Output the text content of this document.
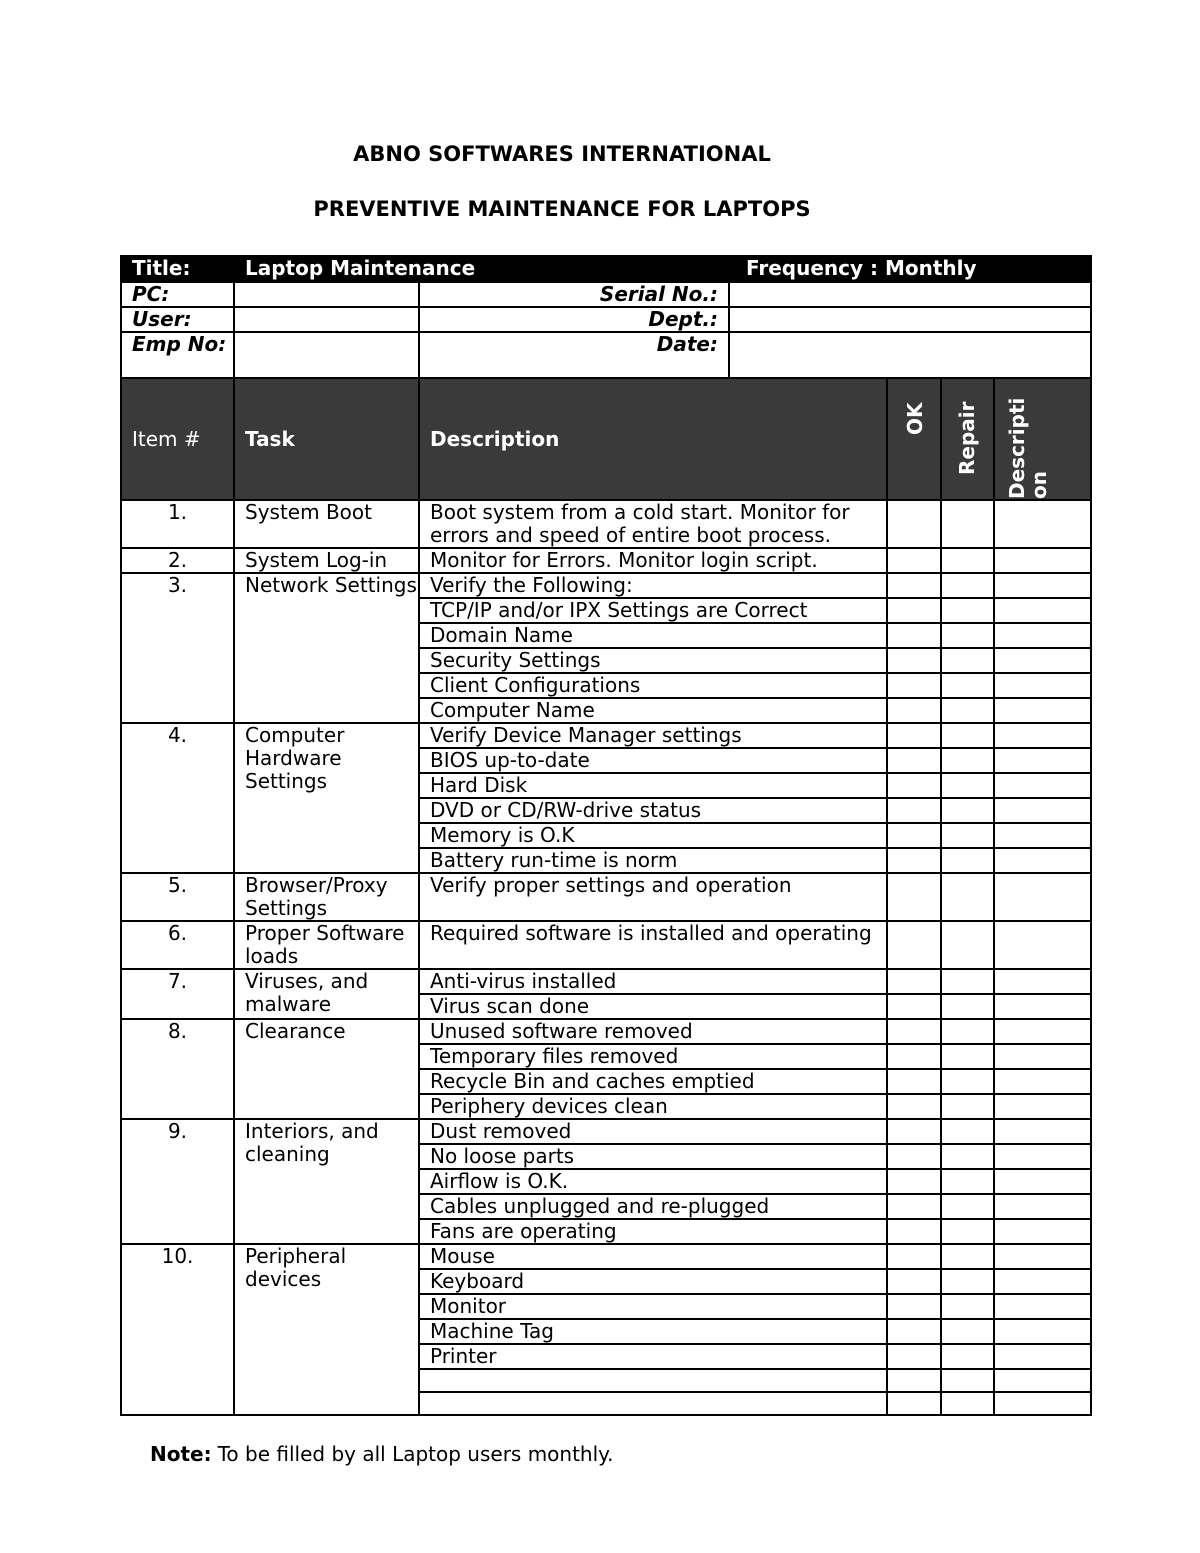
ABNO SOFTWARES INTERNATIONAL
PREVENTIVE MAINTENANCE FOR LAPTOPS
Title:	Laptop Maintenance			Frequency : Monthly		

PC:		Serial No.:				
User:		Dept.:				
Emp No:		Date:				
Item #	Task	Description		OK	Repair	Descripti on

1.	System Boot	Boot system from a cold start. Monitor for errors and speed of entire boot process.				
2.	System Log-in	Monitor for Errors. Monitor login script.				
3.	Network Settings	Verify the Following:				
		TCP/IP and/or IPX Settings are Correct				
		Domain Name				
		Security Settings				
		Client Configurations				
		Computer Name				
4.	Computer Hardware Settings	Verify Device Manager settings				
		BIOS up-to-date				
		Hard Disk				
		DVD or CD/RW-drive status				
		Memory is O.K				
		Battery run-time is norm				
5.	Browser/Proxy Settings	Verify proper settings and operation				
6.	Proper Software loads	Required software is installed and operating				
7.	Viruses, and malware	Anti-virus installed				
		Virus scan done				
8.	Clearance	Unused software removed				
		Temporary files removed				
		Recycle Bin and caches emptied				
		Periphery devices clean				
9.	Interiors, and cleaning	Dust removed				
		No loose parts				
		Airflow is O.K.				
		Cables unplugged and re-plugged				
		Fans are operating				
10.	Peripheral devices	Mouse				
		Keyboard				
		Monitor				
		Machine Tag				
		Printer				

Note: To be filled by all Laptop users monthly.
